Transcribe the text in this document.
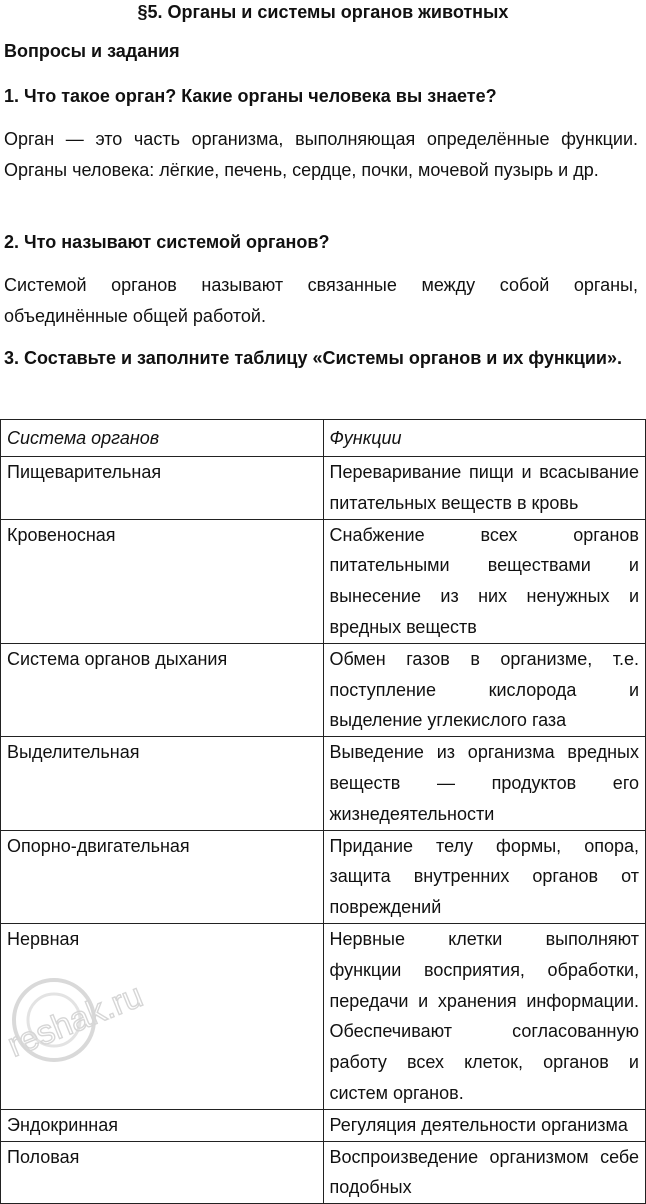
§5. Органы и системы органов животных
Вопросы и задания
1. Что такое орган? Какие органы человека вы знаете?
Орган — это часть организма, выполняющая определённые функции. Органы человека: лёгкие, печень, сердце, почки, мочевой пузырь и др.
2. Что называют системой органов?
Системой органов называют связанные между собой органы, объединённые общей работой.
3. Составьте и заполните таблицу «Системы органов и их функции».
Система органов	Функции
Пищеварительная	Переваривание пищи и всасывание питательных веществ в кровь
Кровеносная	Снабжение всех органов питательными веществами и вынесение из них ненужных и вредных веществ
Система органов дыхания	Обмен газов в организме, т.е. поступление кислорода и выделение углекислого газа
Выделительная	Выведение из организма вредных веществ — продуктов его жизнедеятельности
Опорно-двигательная	Придание телу формы, опора, защита внутренних органов от повреждений
Нервная	Нервные клетки выполняют функции восприятия, обработки, передачи и хранения информации. Обеспечивают согласованную работу всех клеток, органов и систем органов.
Эндокринная	Регуляция деятельности организма
Половая	Воспроизведение организмом себе подобных
reshak.ru
